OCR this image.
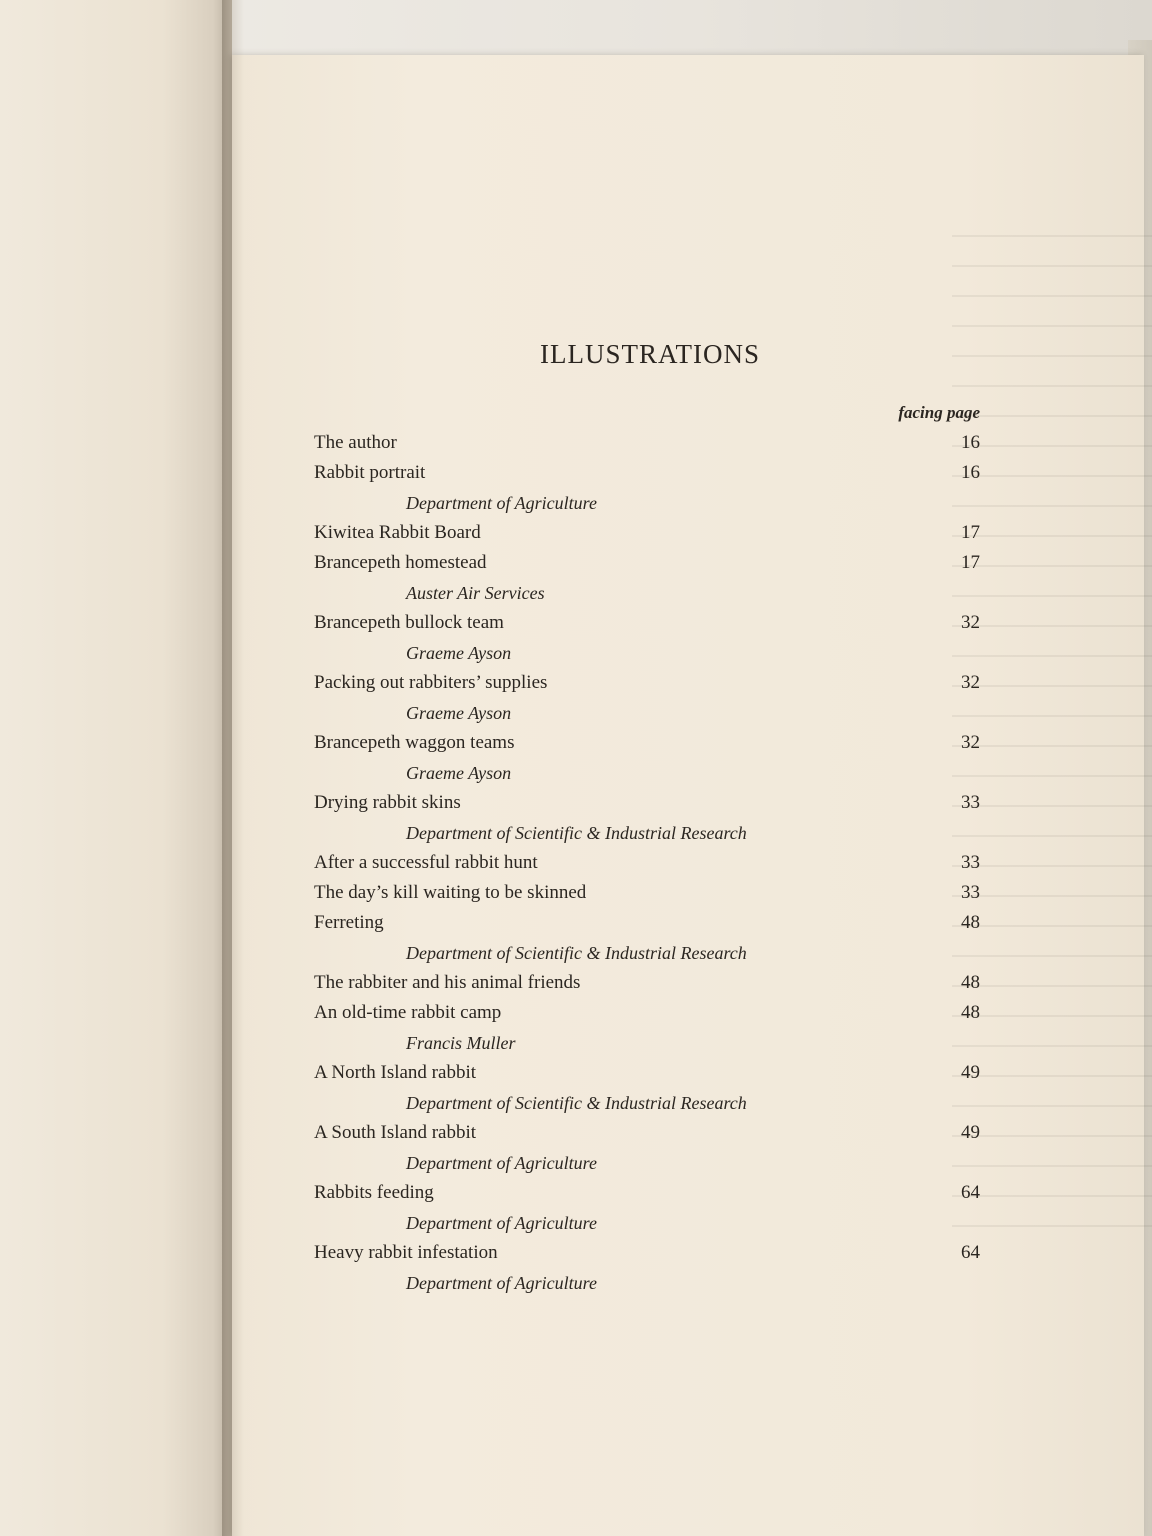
ILLUSTRATIONS
facing page
The author	16
Rabbit portrait	16
Department of Agriculture
Kiwitea Rabbit Board	17
Brancepeth homestead	17
Auster Air Services
Brancepeth bullock team	32
Graeme Ayson
Packing out rabbiters’ supplies	32
Graeme Ayson
Brancepeth waggon teams	32
Graeme Ayson
Drying rabbit skins	33
Department of Scientific & Industrial Research
After a successful rabbit hunt	33
The day’s kill waiting to be skinned	33
Ferreting	48
Department of Scientific & Industrial Research
The rabbiter and his animal friends	48
An old-time rabbit camp	48
Francis Muller
A North Island rabbit	49
Department of Scientific & Industrial Research
A South Island rabbit	49
Department of Agriculture
Rabbits feeding	64
Department of Agriculture
Heavy rabbit infestation	64
Department of Agriculture
